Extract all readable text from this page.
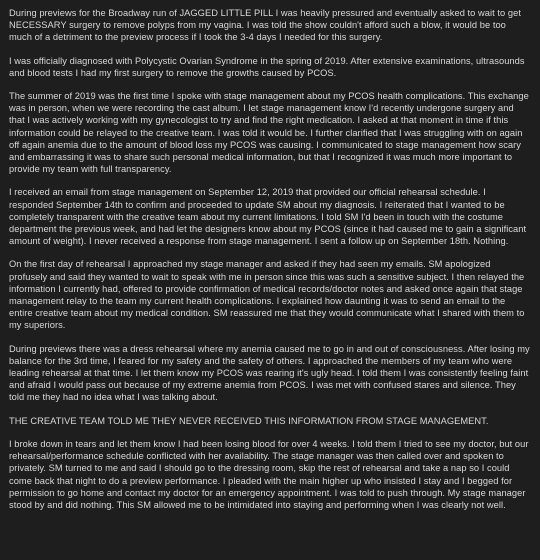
During previews for the Broadway run of JAGGED LITTLE PILL I was heavily pressured and eventually asked to wait to get NECESSARY surgery to remove polyps from my vagina. I was told the show couldn't afford such a blow, it would be too much of a detriment to the preview process if I took the 3-4 days I needed for this surgery.

I was officially diagnosed with Polycystic Ovarian Syndrome in the spring of 2019. After extensive examinations, ultrasounds and blood tests I had my first surgery to remove the growths caused by PCOS.

The summer of 2019 was the first time I spoke with stage management about my PCOS health complications. This exchange was in person, when we were recording the cast album. I let stage management know I'd recently undergone surgery and that I was actively working with my gynecologist to try and find the right medication. I asked at that moment in time if this information could be relayed to the creative team. I was told it would be. I further clarified that I was struggling with on again off again anemia due to the amount of blood loss my PCOS was causing. I communicated to stage management how scary and embarrassing it was to share such personal medical information, but that I recognized it was much more important to provide my team with full transparency.

I received an email from stage management on September 12, 2019 that provided our official rehearsal schedule. I responded September 14th to confirm and proceeded to update SM about my diagnosis. I reiterated that I wanted to be completely transparent with the creative team about my current limitations. I told SM I'd been in touch with the costume department the previous week, and had let the designers know about my PCOS (since it had caused me to gain a significant amount of weight). I never received a response from stage management. I sent a follow up on September 18th. Nothing.

On the first day of rehearsal I approached my stage manager and asked if they had seen my emails. SM apologized profusely and said they wanted to wait to speak with me in person since this was such a sensitive subject. I then relayed the information I currently had, offered to provide confirmation of medical records/doctor notes and asked once again that stage management relay to the team my current health complications. I explained how daunting it was to send an email to the entire creative team about my medical condition. SM reassured me that they would communicate what I shared with them to my superiors.

During previews there was a dress rehearsal where my anemia caused me to go in and out of consciousness. After losing my balance for the 3rd time, I feared for my safety and the safety of others. I approached the members of my team who were leading rehearsal at that time. I let them know my PCOS was rearing it's ugly head. I told them I was consistently feeling faint and afraid I would pass out because of my extreme anemia from PCOS. I was met with confused stares and silence. They told me they had no idea what I was talking about.

THE CREATIVE TEAM TOLD ME THEY NEVER RECEIVED THIS INFORMATION FROM STAGE MANAGEMENT.

I broke down in tears and let them know I had been losing blood for over 4 weeks. I told them I tried to see my doctor, but our rehearsal/performance schedule conflicted with her availability. The stage manager was then called over and spoken to privately. SM turned to me and said I should go to the dressing room, skip the rest of rehearsal and take a nap so I could come back that night to do a preview performance. I pleaded with the main higher up who insisted I stay and I begged for permission to go home and contact my doctor for an emergency appointment. I was told to push through. My stage manager stood by and did nothing. This SM allowed me to be intimidated into staying and performing when I was clearly not well.
